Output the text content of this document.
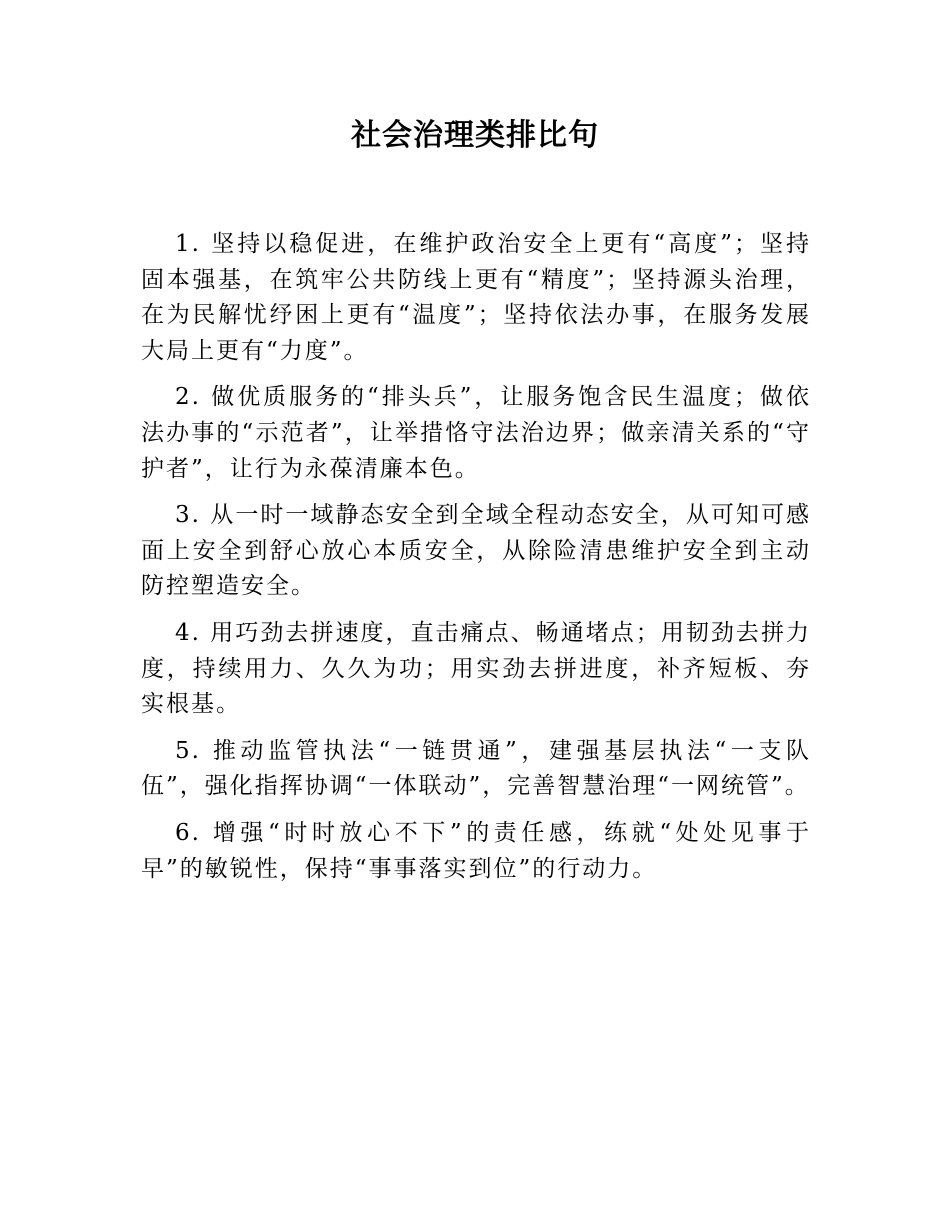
社会治理类排比句

1. 坚持以稳促进，在维护政治安全上更有“高度”；坚持固本强基，在筑牢公共防线上更有“精度”；坚持源头治理，在为民解忧纾困上更有“温度”；坚持依法办事，在服务发展大局上更有“力度”。

2. 做优质服务的“排头兵”，让服务饱含民生温度；做依法办事的“示范者”，让举措恪守法治边界；做亲清关系的“守护者”，让行为永葆清廉本色。

3. 从一时一域静态安全到全域全程动态安全，从可知可感面上安全到舒心放心本质安全，从除险清患维护安全到主动防控塑造安全。

4. 用巧劲去拼速度，直击痛点、畅通堵点；用韧劲去拼力度，持续用力、久久为功；用实劲去拼进度，补齐短板、夯实根基。

5. 推动监管执法“一链贯通”，建强基层执法“一支队伍”，强化指挥协调“一体联动”，完善智慧治理“一网统管”。

6. 增强“时时放心不下”的责任感，练就“处处见事于早”的敏锐性，保持“事事落实到位”的行动力。
